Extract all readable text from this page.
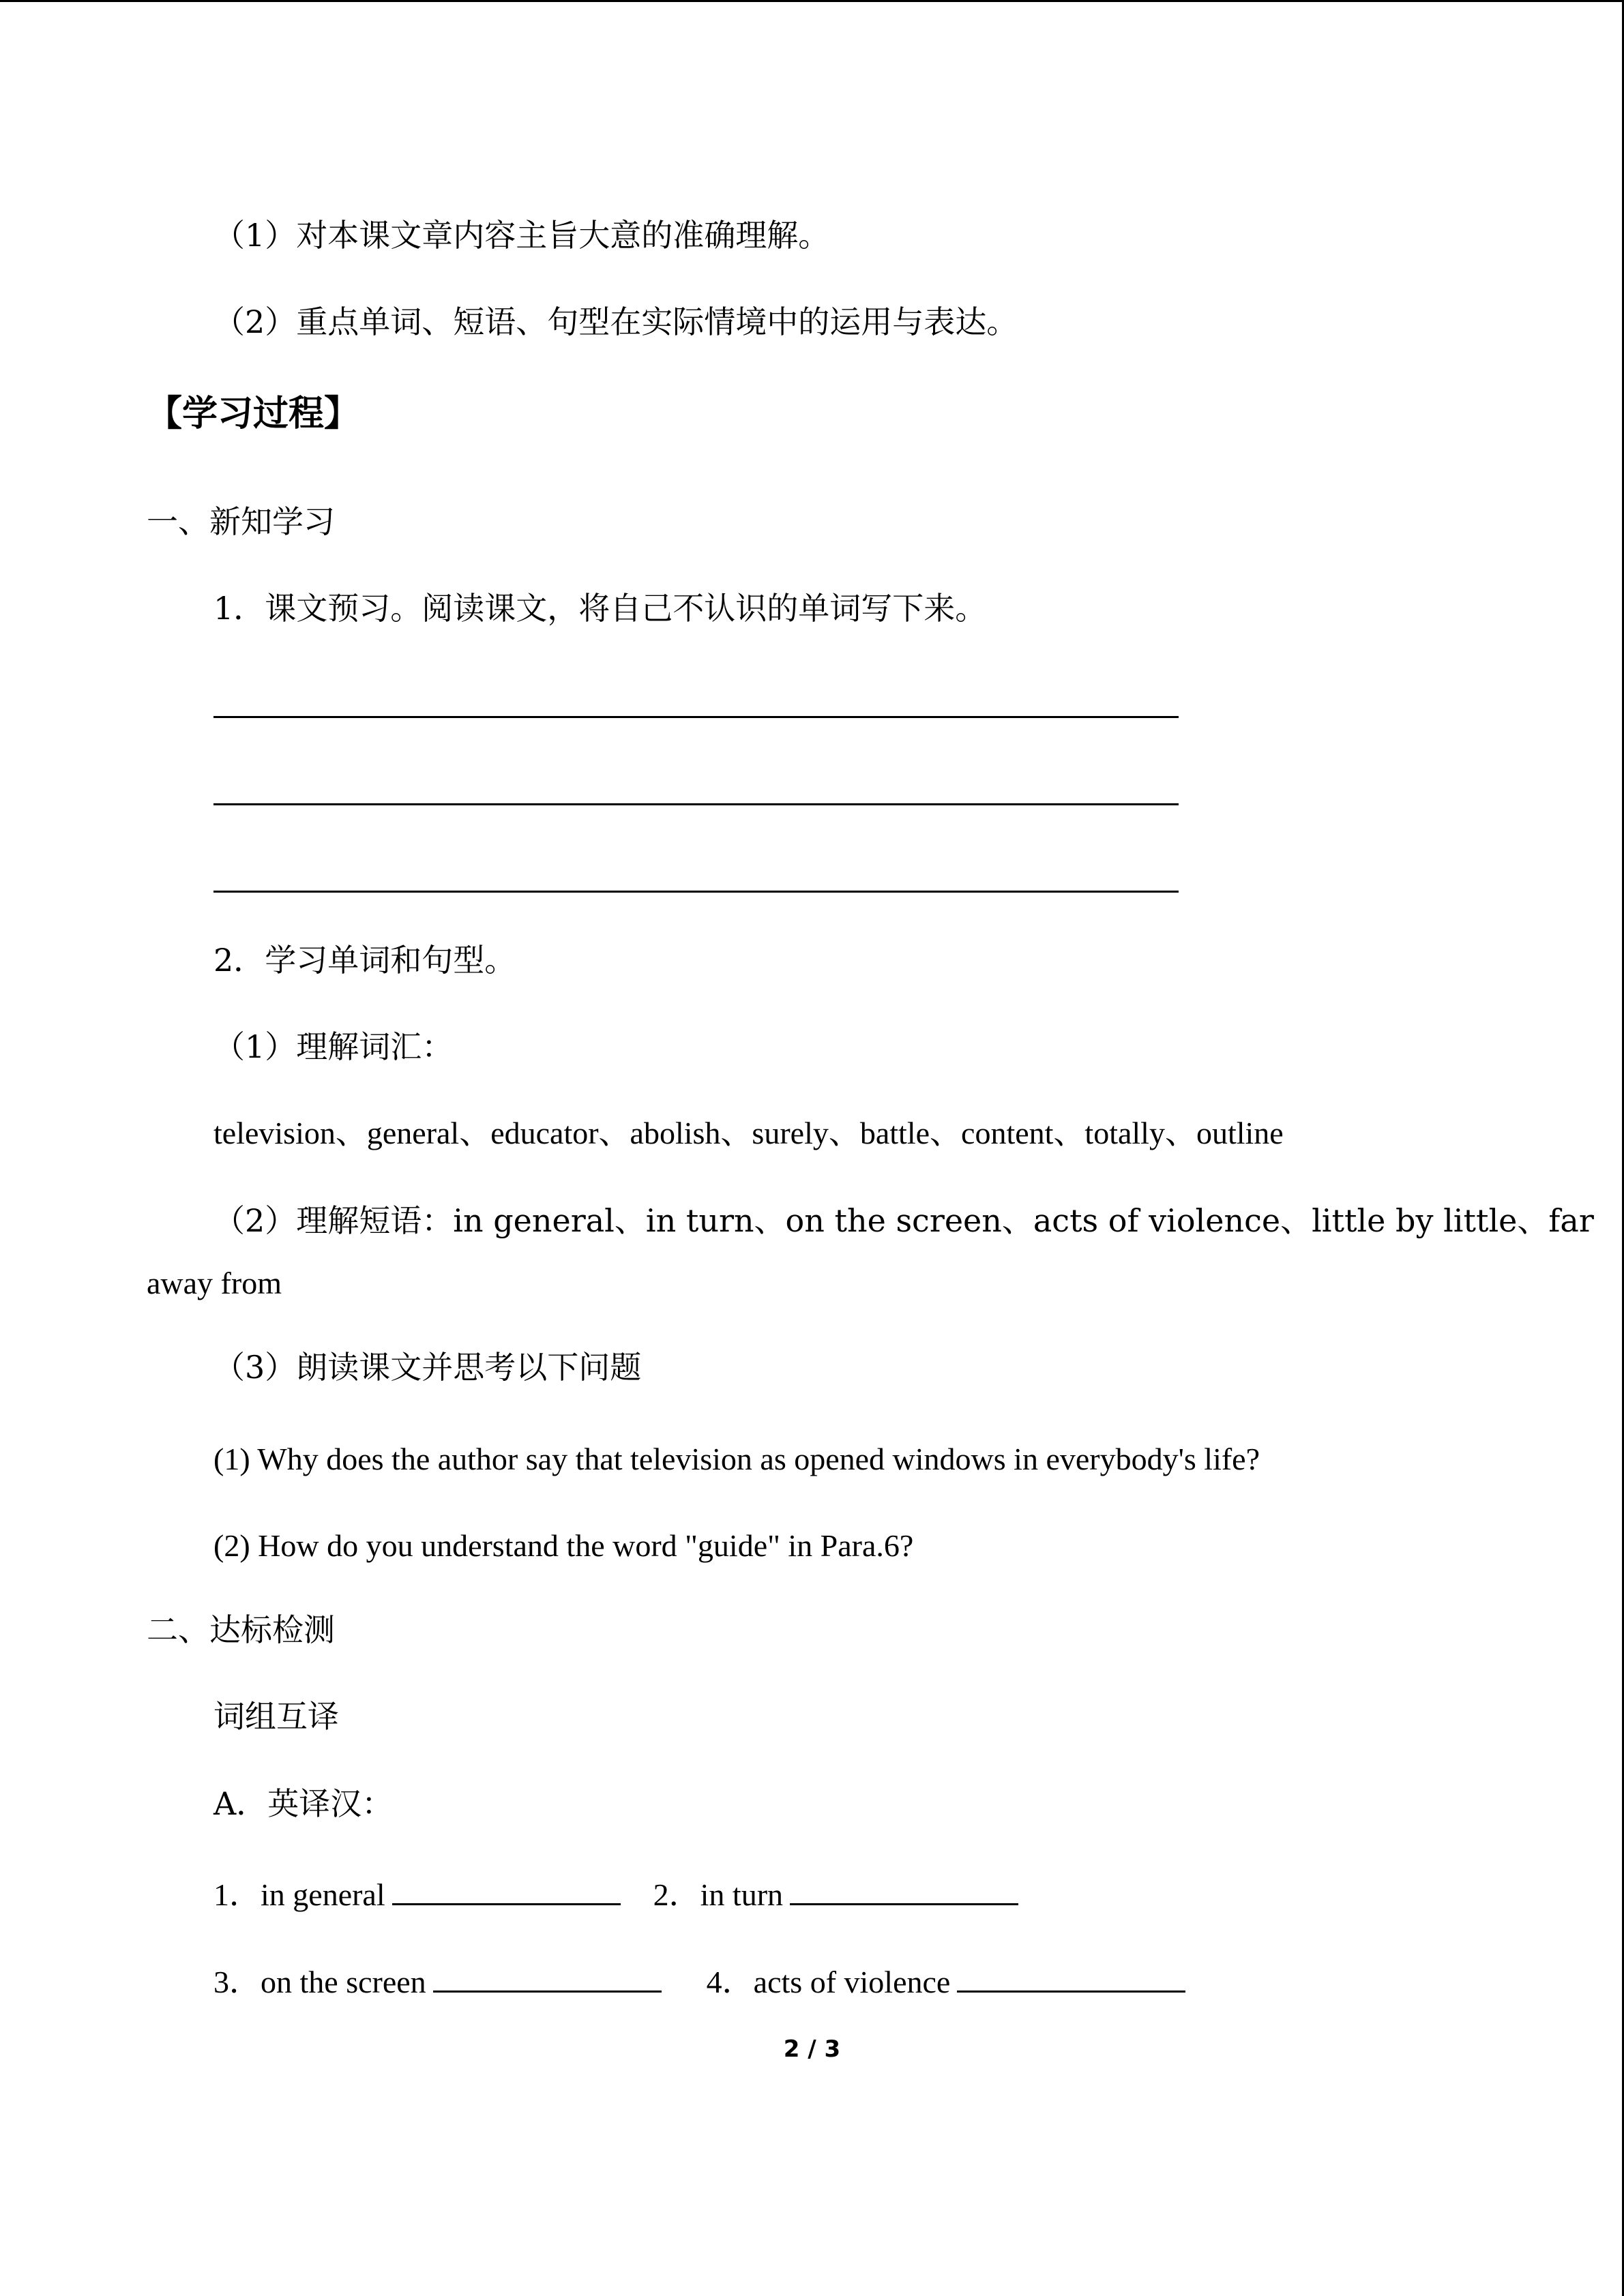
（1）对本课文章内容主旨大意的准确理解。
（2）重点单词、短语、句型在实际情境中的运用与表达。
【学习过程】
一、新知学习
1．课文预习。阅读课文，将自己不认识的单词写下来。
2．学习单词和句型。
（1）理解词汇：
television、general、educator、abolish、surely、battle、content、totally、outline
（2）理解短语：in general、in turn、on the screen、acts of violence、little by little、far
away from
（3）朗读课文并思考以下问题
(1) Why does the author say that television as opened windows in everybody's life?
(2) How do you understand the word "guide" in Para.6?
二、达标检测
词组互译
A．英译汉：
1．in general	2．in turn
3．on the screen	4．acts of violence
2 / 3
